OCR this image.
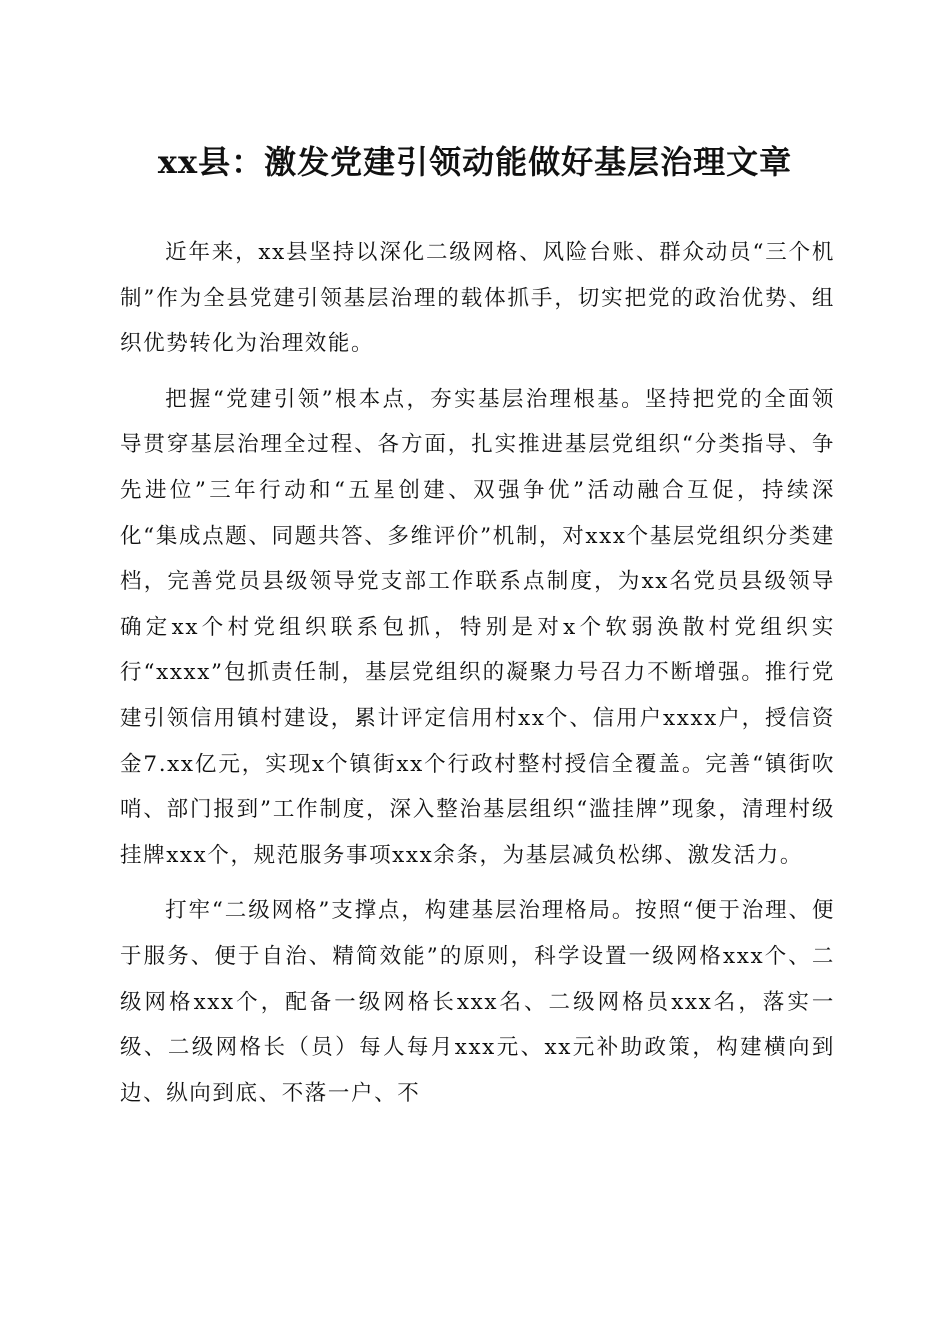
xx县：激发党建引领动能做好基层治理文章

近年来，xx县坚持以深化二级网格、风险台账、群众动员“三个机制”作为全县党建引领基层治理的载体抓手，切实把党的政治优势、组织优势转化为治理效能。

把握“党建引领”根本点，夯实基层治理根基。坚持把党的全面领导贯穿基层治理全过程、各方面，扎实推进基层党组织“分类指导、争先进位”三年行动和“五星创建、双强争优”活动融合互促，持续深化“集成点题、同题共答、多维评价”机制，对xxx个基层党组织分类建档，完善党员县级领导党支部工作联系点制度，为xx名党员县级领导确定xx个村党组织联系包抓，特别是对x个软弱涣散村党组织实行“xxxx”包抓责任制，基层党组织的凝聚力号召力不断增强。推行党建引领信用镇村建设，累计评定信用村xx个、信用户xxxx户，授信资金7.xx亿元，实现x个镇街xx个行政村整村授信全覆盖。完善“镇街吹哨、部门报到”工作制度，深入整治基层组织“滥挂牌”现象，清理村级挂牌xxx个，规范服务事项xxx余条，为基层减负松绑、激发活力。

打牢“二级网格”支撑点，构建基层治理格局。按照“便于治理、便于服务、便于自治、精简效能”的原则，科学设置一级网格xxx个、二级网格xxx个，配备一级网格长xxx名、二级网格员xxx名，落实一级、二级网格长（员）每人每月xxx元、xx元补助政策，构建横向到边、纵向到底、不落一户、不
